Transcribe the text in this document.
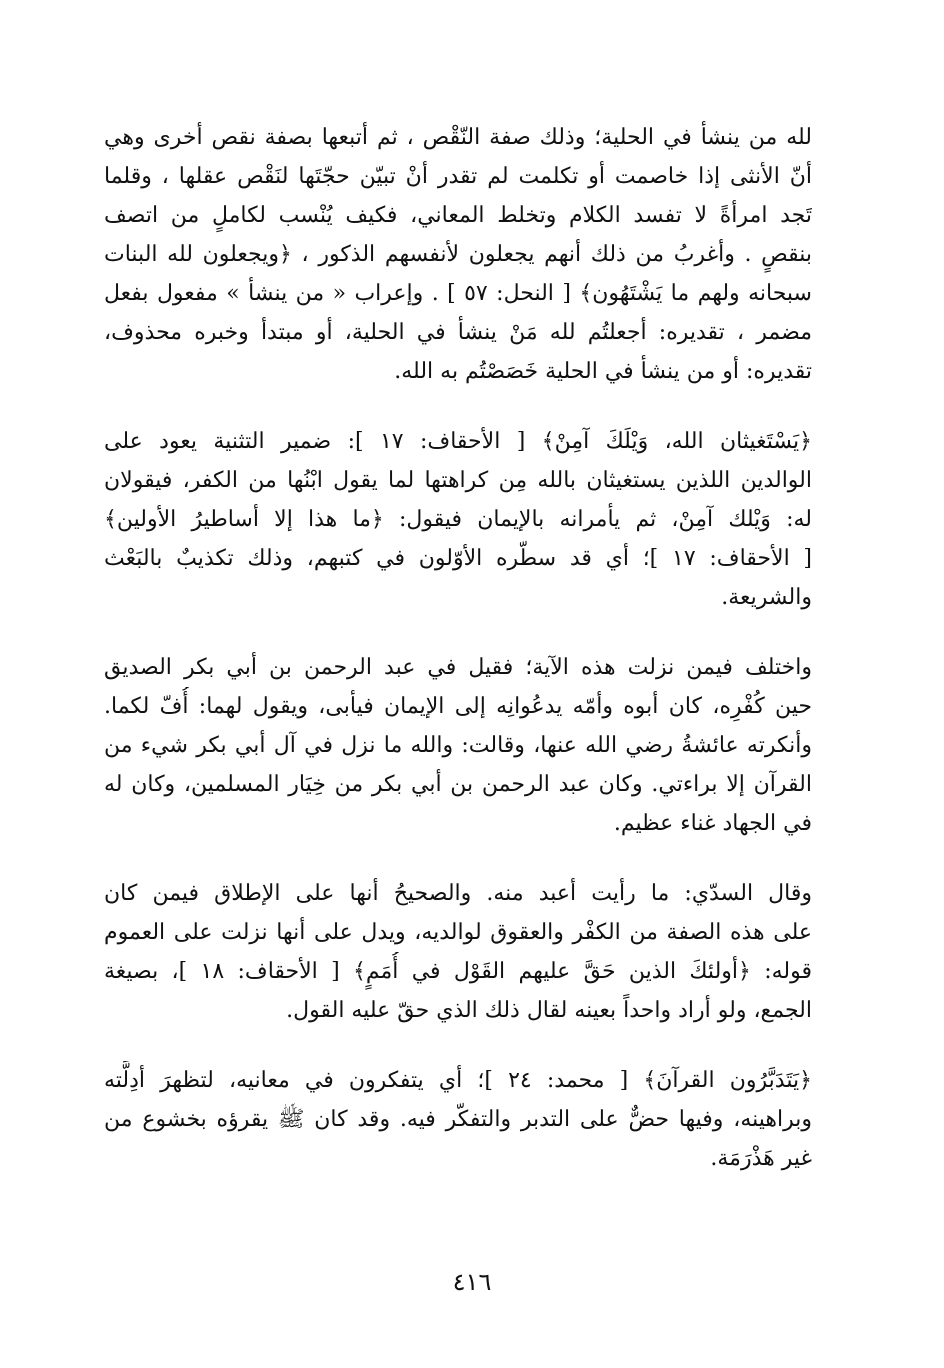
لله من ينشأ في الحلية؛ وذلك صفة النّقْص ، ثم أتبعها بصفة نقص أخرى وهي
أنّ الأنثى إذا خاصمت أو تكلمت لم تقدر أنْ تبيّن حجّتَها لنَقْص عقلها ، وقلما
تَجد امرأةً لا تفسد الكلام وتخلط المعاني، فكيف يُنْسب لكاملٍ من اتصف
بنقصٍ . وأغربُ من ذلك أنهم يجعلون لأنفسهم الذكور ، ﴿ويجعلون لله البنات
سبحانه ولهم ما يَشْتَهُون﴾ [ النحل: ٥٧ ] . وإعراب « من ينشأ » مفعول بفعل
مضمر ، تقديره: أجعلتُم لله مَنْ ينشأ في الحلية، أو مبتدأ وخبره محذوف،
تقديره: أو من ينشأ في الحلية خَصَصْتُم به الله.
﴿يَسْتَغيثان الله، وَيْلَكَ آمِنْ﴾ [ الأحقاف: ١٧ ]: ضمير التثنية يعود على
الوالدين اللذين يستغيثان بالله مِن كراهتها لما يقول ابْنُها من الكفر، فيقولان
له: وَيْلك آمِنْ، ثم يأمرانه بالإيمان فيقول: ﴿ما هذا إلا أساطيرُ الأولين﴾
[ الأحقاف: ١٧ ]؛ أي قد سطّره الأوّلون في كتبهم، وذلك تكذيبٌ بالبَعْث
والشريعة.
واختلف فيمن نزلت هذه الآية؛ فقيل في عبد الرحمن بن أبي بكر الصديق
حين كُفْرِه، كان أبوه وأمّه يدعُوانِه إلى الإيمان فيأبى، ويقول لهما: أُفّ لكما.
وأنكرته عائشةُ رضي الله عنها، وقالت: والله ما نزل في آل أبي بكر شيء من
القرآن إلا براءتي. وكان عبد الرحمن بن أبي بكر من خِيَار المسلمين، وكان له
في الجهاد غناء عظيم.
وقال السدّي: ما رأيت أعبد منه. والصحيحُ أنها على الإطلاق فيمن كان
على هذه الصفة من الكفْر والعقوق لوالديه، ويدل على أنها نزلت على العموم
قوله: ﴿أولئكَ الذين حَقَّ عليهم القَوْل في أُمَمٍ﴾ [ الأحقاف: ١٨ ]، بصيغة
الجمع، ولو أراد واحداً بعينه لقال ذلك الذي حقّ عليه القول.
﴿يَتَدَبَّرُون القرآنَ﴾ [ محمد: ٢٤ ]؛ أي يتفكرون في معانيه، لتظهرَ أدِلَّته
وبراهينه، وفيها حضٌّ على التدبر والتفكّر فيه. وقد كان ﷺ يقرؤه بخشوع من
غير هَذْرَمَة.
٤١٦
